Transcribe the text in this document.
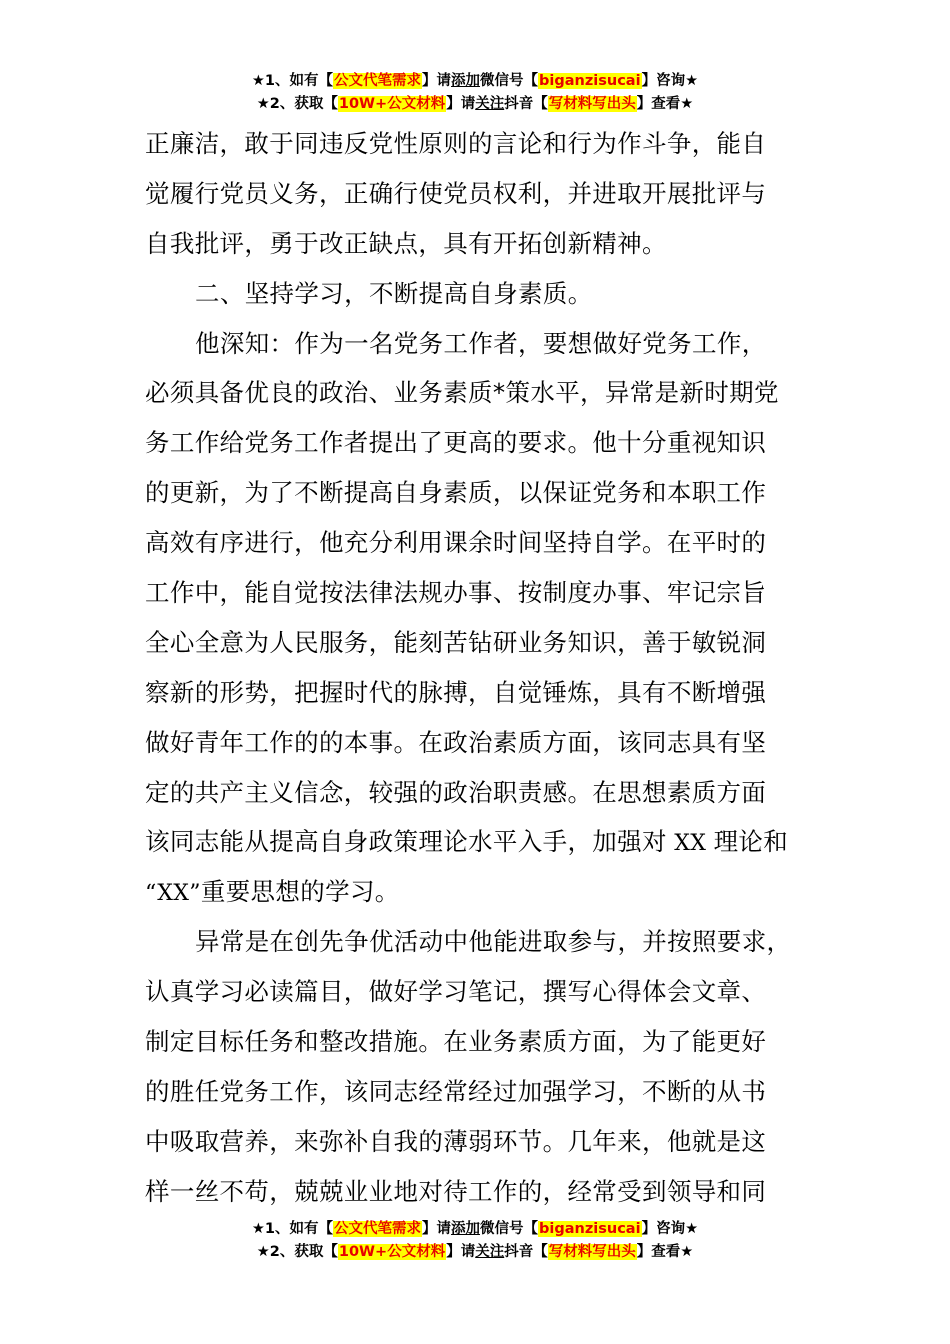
★1、如有【公文代笔需求】请添加微信号【biganzisucai】咨询★
★2、获取【10W+公文材料】请关注抖音【写材料写出头】查看★
正廉洁，敢于同违反党性原则的言论和行为作斗争，能自
觉履行党员义务，正确行使党员权利，并进取开展批评与
自我批评，勇于改正缺点，具有开拓创新精神。
二、坚持学习，不断提高自身素质。
他深知：作为一名党务工作者，要想做好党务工作，
必须具备优良的政治、业务素质*策水平，异常是新时期党
务工作给党务工作者提出了更高的要求。他十分重视知识
的更新，为了不断提高自身素质，以保证党务和本职工作
高效有序进行，他充分利用课余时间坚持自学。在平时的
工作中，能自觉按法律法规办事、按制度办事、牢记宗旨
全心全意为人民服务，能刻苦钻研业务知识，善于敏锐洞
察新的形势，把握时代的脉搏，自觉锤炼，具有不断增强
做好青年工作的的本事。在政治素质方面，该同志具有坚
定的共产主义信念，较强的政治职责感。在思想素质方面
该同志能从提高自身政策理论水平入手，加强对 XX 理论和
“XX”重要思想的学习。
异常是在创先争优活动中他能进取参与，并按照要求，
认真学习必读篇目，做好学习笔记，撰写心得体会文章、
制定目标任务和整改措施。在业务素质方面，为了能更好
的胜任党务工作，该同志经常经过加强学习，不断的从书
中吸取营养，来弥补自我的薄弱环节。几年来，他就是这
样一丝不苟，兢兢业业地对待工作的，经常受到领导和同
★1、如有【公文代笔需求】请添加微信号【biganzisucai】咨询★
★2、获取【10W+公文材料】请关注抖音【写材料写出头】查看★
